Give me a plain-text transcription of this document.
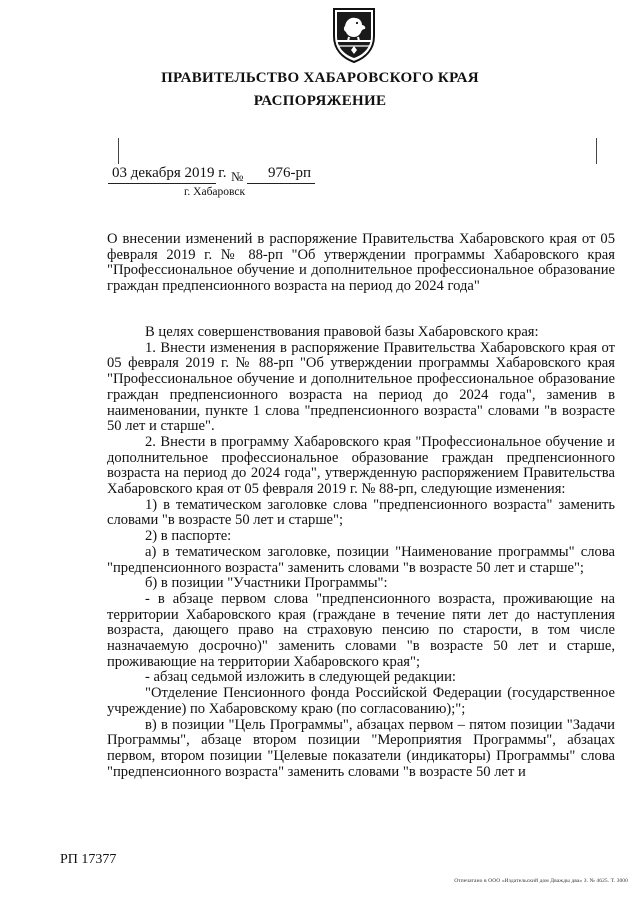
ПРАВИТЕЛЬСТВО ХАБАРОВСКОГО КРАЯ
РАСПОРЯЖЕНИЕ
03 декабря 2019 г. № 976-рп
г. Хабаровск
О внесении изменений в распоряжение Правительства Хабаровского края от 05 февраля 2019 г. № 88-рп "Об утверждении программы Хабаровского края "Профессиональное обучение и дополнительное профессиональное образование граждан предпенсионного возраста на период до 2024 года"

В целях совершенствования правовой базы Хабаровского края:

1. Внести изменения в распоряжение Правительства Хабаровского края от 05 февраля 2019 г. № 88-рп "Об утверждении программы Хабаровского края "Профессиональное обучение и дополнительное профессиональное образование граждан предпенсионного возраста на период до 2024 года", заменив в наименовании, пункте 1 слова "предпенсионного возраста" словами "в возрасте 50 лет и старше".

2. Внести в программу Хабаровского края "Профессиональное обучение и дополнительное профессиональное образование граждан предпенсионного возраста на период до 2024 года", утвержденную распоряжением Правительства Хабаровского края от 05 февраля 2019 г. № 88-рп, следующие изменения:

1) в тематическом заголовке слова "предпенсионного возраста" заменить словами "в возрасте 50 лет и старше";

2) в паспорте:

а) в тематическом заголовке, позиции "Наименование программы" слова "предпенсионного возраста" заменить словами "в возрасте 50 лет и старше";

б) в позиции "Участники Программы":

- в абзаце первом слова "предпенсионного возраста, проживающие на территории Хабаровского края (граждане в течение пяти лет до наступления возраста, дающего право на страховую пенсию по старости, в том числе назначаемую досрочно)" заменить словами "в возрасте 50 лет и старше, проживающие на территории Хабаровского края";

- абзац седьмой изложить в следующей редакции:

"Отделение Пенсионного фонда Российской Федерации (государственное учреждение) по Хабаровскому краю (по согласованию);";

в) в позиции "Цель Программы", абзацах первом – пятом позиции "Задачи Программы", абзаце втором позиции "Мероприятия Программы", абзацах первом, втором позиции "Целевые показатели (индикаторы) Программы" слова "предпенсионного возраста" заменить словами "в возрасте 50 лет и

РП 17377
Отпечатано в ООО «Издательский дом Дважды два» З. № 4625. Т. 3000
